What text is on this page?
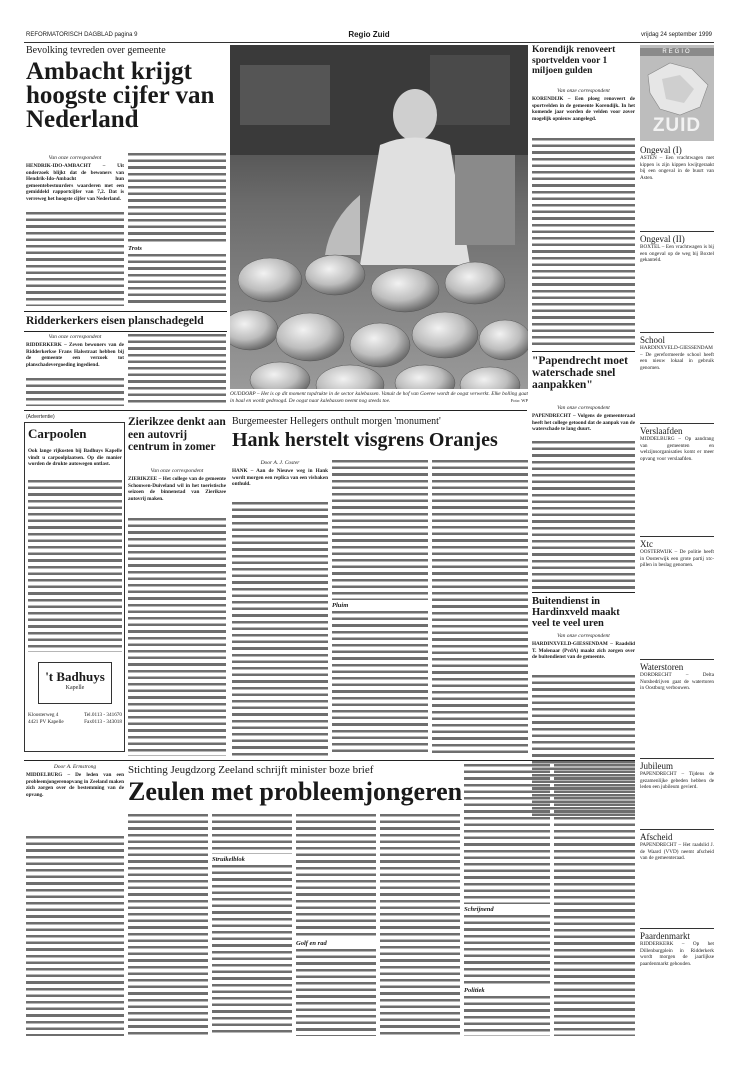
REFORMATORISCH DAGBLAD pagina 9	Regio Zuid	vrijdag 24 september 1999
Bevolking tevreden over gemeente
Ambacht krijgt hoogste cijfer van Nederland
Van onze correspondent
HENDRIK-IDO-AMBACHT – Uit onderzoek blijkt dat de bewoners van Hendrik-Ido-Ambacht hun gemeentebestuurders waarderen met een gemiddeld rapportcijfer van 7,2. Dat is verreweg het hoogste cijfer van Nederland.
Trots
OUDDORP – Het is op dit moment topdrukte in de sector kalebassen. Vanuit de hof van Goeree wordt de oogst verwerkt. Elke bolling gaat in baal en wordt gedroogd. De oogst naar kalebassen neemt nog steeds toe.	Foto: WP
Korendijk renoveert sportvelden voor 1 miljoen gulden
Van onze correspondent
KORENDIJK – Een ploeg renoveert de sportvelden in de gemeente Korendijk. In het komende jaar worden de velden voor zover mogelijk opnieuw aangelegd.
"Papendrecht moet waterschade snel aanpakken"
Van onze correspondent
PAPENDRECHT – Volgens de gemeenteraad heeft het college getoond dat de aanpak van de waterschade te lang duurt.
Buitendienst in Hardinxveld maakt veel te veel uren
Van onze correspondent
HARDINXVELD-GIESSENDAM – Raadslid T. Molenaar (PvdA) maakt zich zorgen over de buitendienst van de gemeente.
Ridderkerkers eisen planschadegeld
Van onze correspondent
RIDDERKERK – Zeven bewoners van de Ridderkerkse Frans Halsstraat hebben bij de gemeente een verzoek tot planschadevergoeding ingediend.
(Advertentie)
Carpoolen
Ook lange rijkosten bij Badhuys Kapelle vindt u carpoolplaatsen. Op die manier worden de drukte autowegen ontlast.
't Badhuys
Kapelle
Kloosterweg 4	Tel.0113 - 341670
4421 PV Kapelle	Fax0113 - 343018
Zierikzee denkt aan een autovrij centrum in zomer
Van onze correspondent
ZIERIKZEE – Het college van de gemeente Schouwen-Duiveland wil in het toeristische seizoen de binnenstad van Zierikzee autovrij maken.
Burgemeester Hellegers onthult morgen 'monument'
Hank herstelt visgrens Oranjes
Door A. J. Coster
HANK – Aan de Nieuwe weg in Hank wordt morgen een replica van een visbaken onthuld.
Pluim
Door A. Ermstrong
MIDDELBURG – De leden van een probleemjongerenopvang in Zeeland maken zich zorgen over de bestemming van de opvang.
Stichting Jeugdzorg Zeeland schrijft minister boze brief
Zeulen met probleemjongeren
Struikelblok
Golf en rad
Schrijnend
Politiek
REGIO
ZUID
Ongeval (I)
ASTEN – Een vrachtwagen met kippen is zijn kippen kwijtgeraakt bij een ongeval in de buurt van Asten.
Ongeval (II)
BOXTEL – Een vrachtwagen is bij een ongeval op de weg bij Boxtel gekanteld.
School
HARDINXVELD-GIESSENDAM – De gereformeerde school heeft een nieuw lokaal in gebruik genomen.
Verslaafden
MIDDELBURG – Op aandrang van gemeenten en welzijnsorganisaties komt er meer opvang voor verslaafden.
Xtc
OOSTERWIJK – De politie heeft in Oosterwijk een grote partij xtc-pillen in beslag genomen.
Waterstoren
DORDRECHT – Delta Nutsbedrijven gaat de watertoren in Oostburg verbouwen.
Jubileum
PAPENDRECHT – Tijdens de gezamenlijke gebeden hebben de leden een jubileum gevierd.
Afscheid
PAPENDRECHT – Het raadslid J. de Waard (VVD) neemt afscheid van de gemeenteraad.
Paardenmarkt
RIDDERKERK – Op het Dillenburgplein in Ridderkerk wordt morgen de jaarlijkse paardenmarkt gehouden.
